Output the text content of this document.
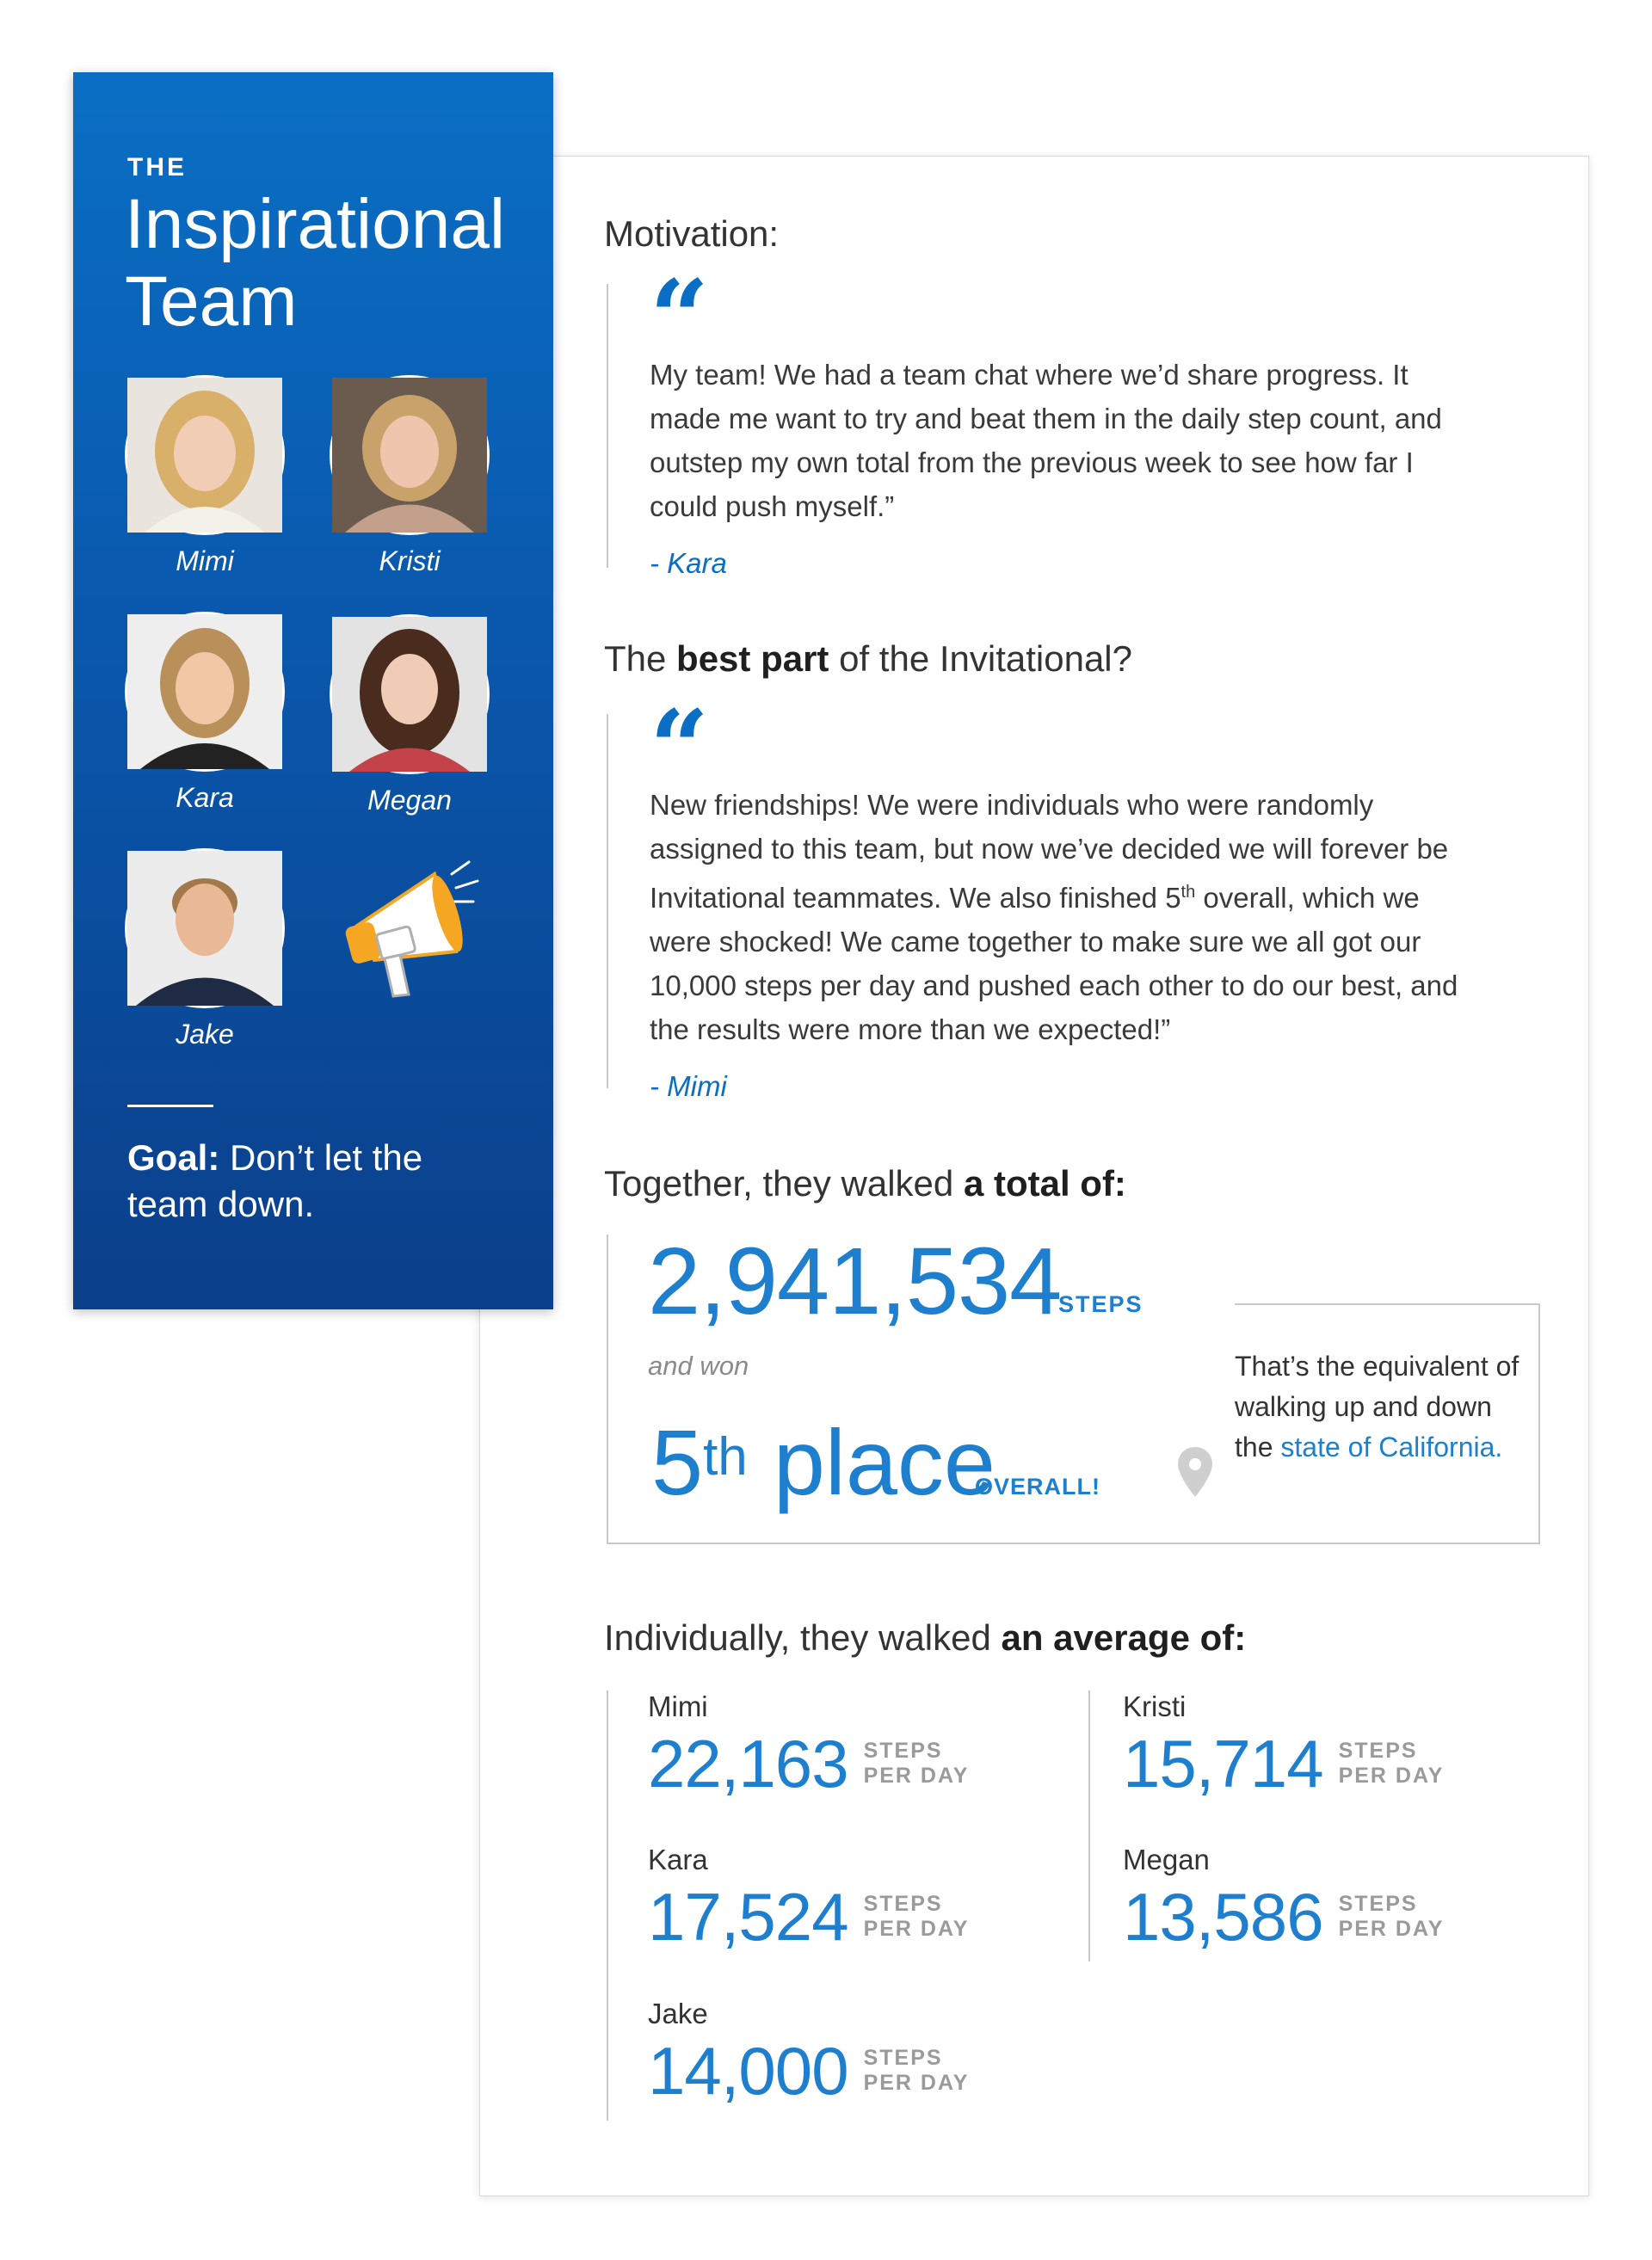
THE
Inspirational Team
Mimi	Kristi
Kara	Megan
Jake
Goal: Don’t let the team down.
Motivation:
“
My team! We had a team chat where we’d share progress. It made me want to try and beat them in the daily step count, and outstep my own total from the previous week to see how far I could push myself.”
- Kara
The best part of the Invitational?
“
New friendships! We were individuals who were randomly assigned to this team, but now we’ve decided we will forever be Invitational teammates. We also finished 5th overall, which we were shocked! We came together to make sure we all got our 10,000 steps per day and pushed each other to do our best, and the results were more than we expected!”
- Mimi
Together, they walked a total of:
2,941,534
STEPS
and won
5th place
OVERALL!
That’s the equivalent of walking up and down the state of California.
Individually, they walked an average of:
Mimi
22,163 STEPS
PER DAY
Kristi
15,714 STEPS
PER DAY
Kara
17,524 STEPS
PER DAY
Megan
13,586 STEPS
PER DAY
Jake
14,000 STEPS
PER DAY
